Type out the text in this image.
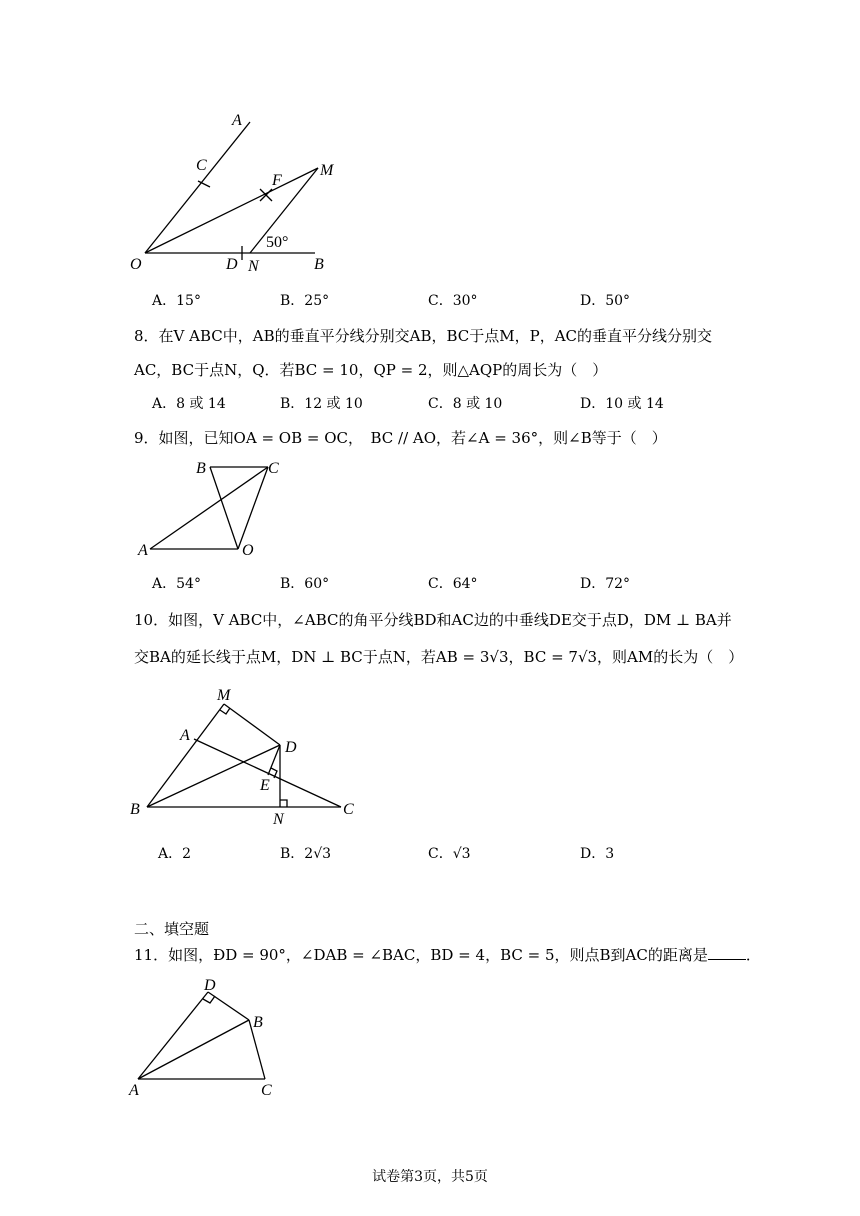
A
C
F
M
O	D N	B
50°
A．15°	B．25°	C．30°	D．50°
8．在V ABC中，AB的垂直平分线分别交AB，BC于点M，P，AC的垂直平分线分别交
AC，BC于点N，Q．若BC = 10，QP = 2，则△AQP的周长为（　）
A．8 或 14	B．12 或 10	C．8 或 10	D．10 或 14
9．如图，已知OA = OB = OC，　BC // AO，若∠A = 36°，则∠B等于（　）
B	C
A	O
A．54°	B．60°	C．64°	D．72°
10．如图，V ABC中，∠ABC的角平分线BD和AC边的中垂线DE交于点D，DM ⊥ BA并
交BA的延长线于点M，DN ⊥ BC于点N，若AB = 3√3，BC = 7√3，则AM的长为（　）
M
A
D
E
B
N
C
A．2	B．2√3	C．√3	D．3
二、填空题
11．如图，ÐD = 90°，∠DAB = ∠BAC，BD = 4，BC = 5，则点B到AC的距离是	．
D
B
A	C
试卷第3页，共5页
